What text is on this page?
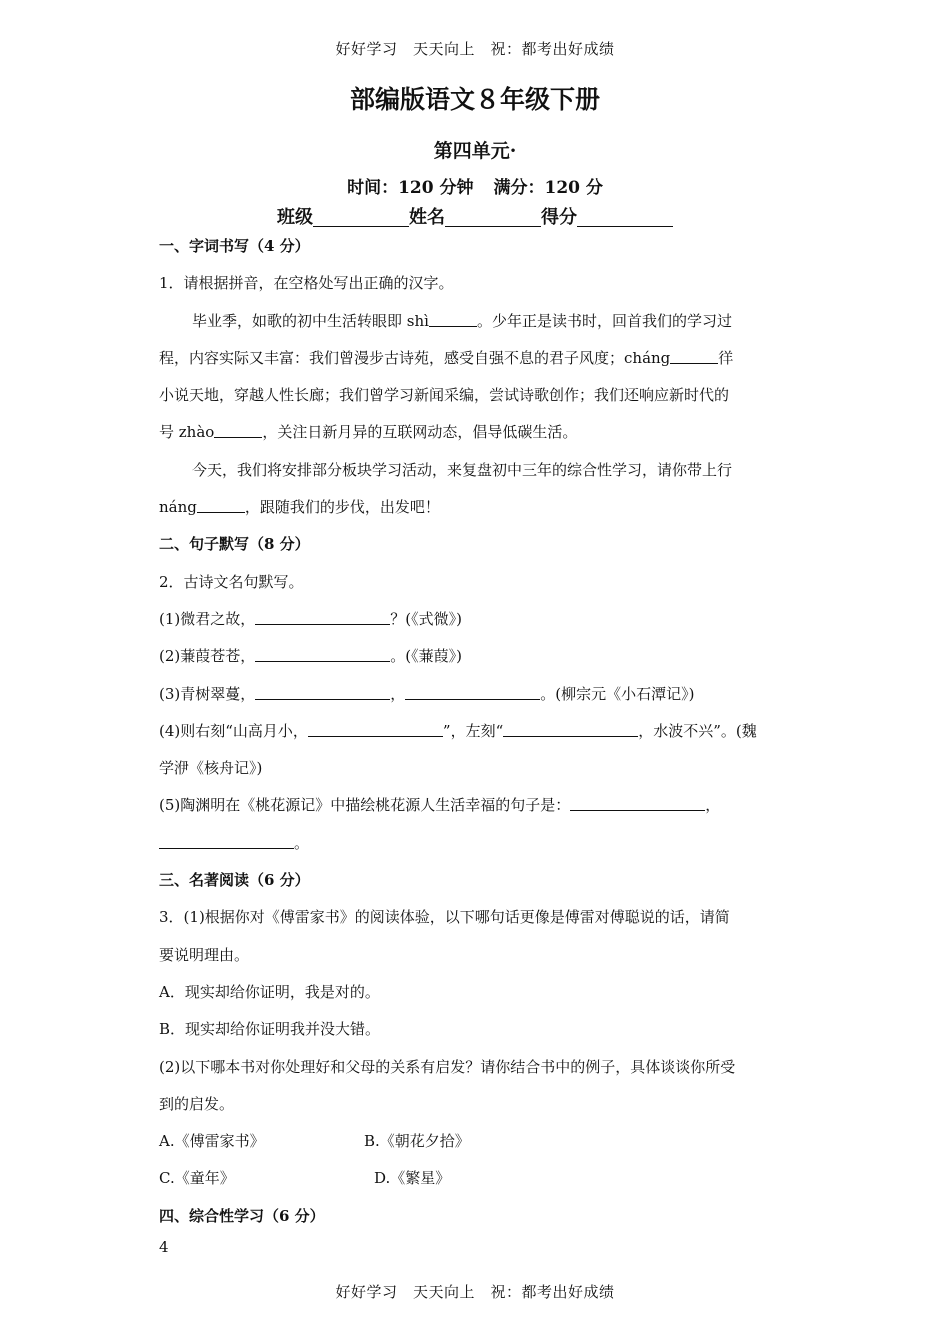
好好学习　天天向上　祝：都考出好成绩
部编版语文８年级下册
第四单元·
时间：120 分钟 满分：120 分
班级	姓名	得分
一、字词书写（4 分）
1．请根据拼音，在空格处写出正确的汉字。
毕业季，如歌的初中生活转眼即 shì	。少年正是读书时，回首我们的学习过
程，内容实际又丰富：我们曾漫步古诗苑，感受自强不息的君子风度；cháng	徉
小说天地，穿越人性长廊；我们曾学习新闻采编，尝试诗歌创作；我们还响应新时代的
号 zhào	，关注日新月异的互联网动态，倡导低碳生活。
今天，我们将安排部分板块学习活动，来复盘初中三年的综合性学习，请你带上行
náng	，跟随我们的步伐，出发吧！
二、句子默写（8 分）
2．古诗文名句默写。
(1)微君之故，	？(《式微》)
(2)蒹葭苍苍，	。(《蒹葭》)
(3)青树翠蔓，	，	。(柳宗元《小石潭记》)
(4)则右刻“山高月小，	”，左刻“	，水波不兴”。(魏
学洢《核舟记》)
(5)陶渊明在《桃花源记》中描绘桃花源人生活幸福的句子是：	，
。
三、名著阅读（6 分）
3．(1)根据你对《傅雷家书》的阅读体验，以下哪句话更像是傅雷对傅聪说的话，请简
要说明理由。
A．现实却给你证明，我是对的。
B．现实却给你证明我并没大错。
(2)以下哪本书对你处理好和父母的关系有启发？请你结合书中的例子，具体谈谈你所受
到的启发。
A.《傅雷家书》	B.《朝花夕拾》
C.《童年》	D.《繁星》
四、综合性学习（6 分）
4
好好学习　天天向上　祝：都考出好成绩
